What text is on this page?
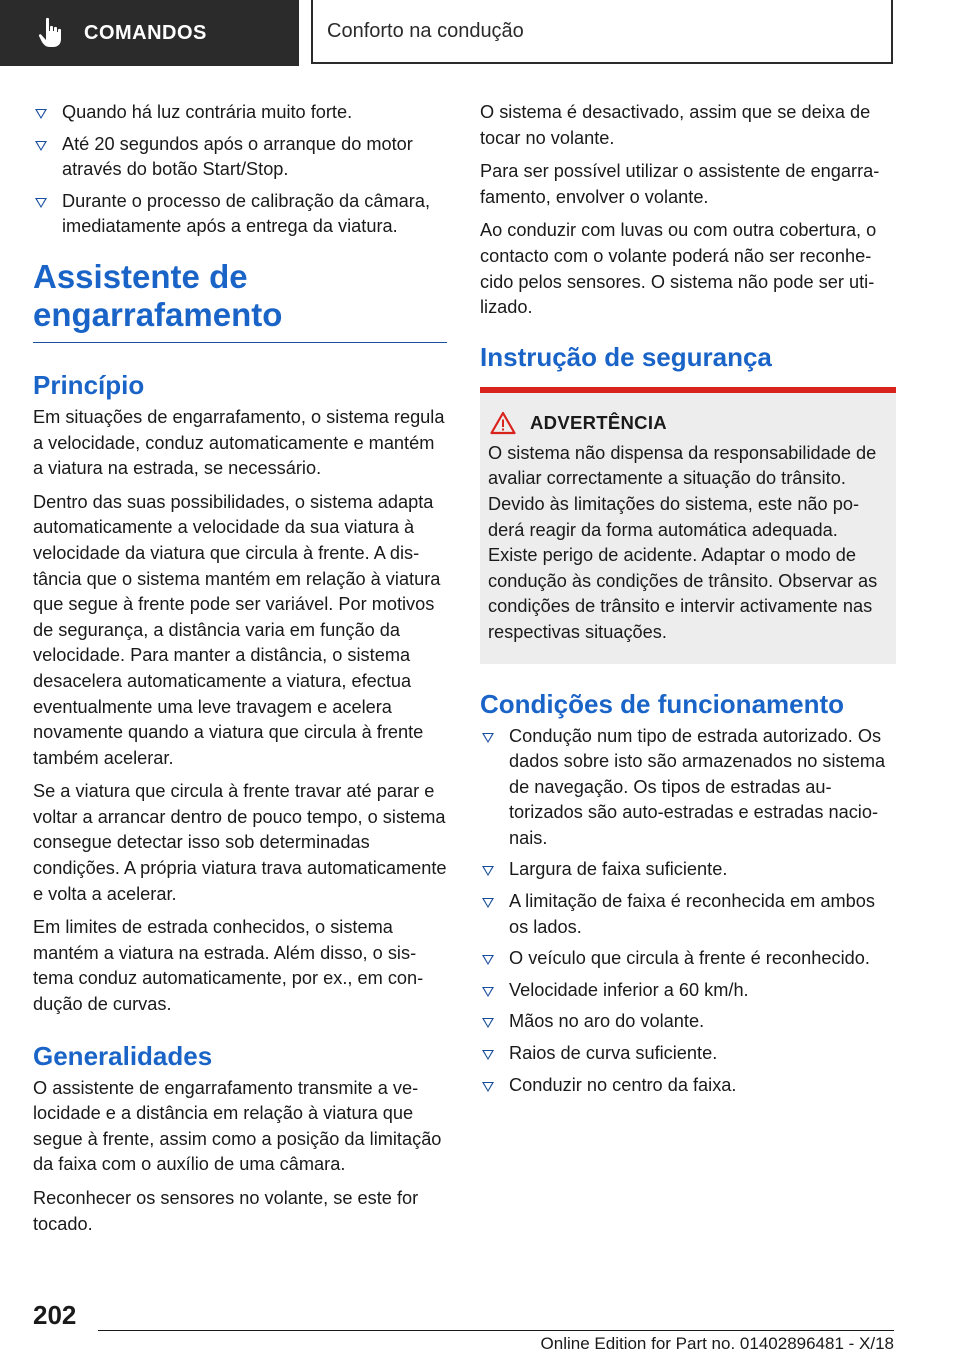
COMANDOS	Conforto na condução
Quando há luz contrária muito forte.
Até 20 segundos após o arranque do motor através do botão Start/Stop.
Durante o processo de calibração da câmara, imediatamente após a entrega da viatura.
Assistente de
engarrafamento
Princípio

Em situações de engarrafamento, o sistema regula a velocidade, conduz automaticamente e mantém a viatura na estrada, se necessário.

Dentro das suas possibilidades, o sistema adapta automaticamente a velocidade da sua viatura à velocidade da viatura que circula à frente. A distância que o sistema mantém em relação à viatura que segue à frente pode ser variável. Por motivos de segurança, a distância varia em função da velocidade. Para manter a distância, o sistema desacelera automaticamente a viatura, efectua eventualmente uma leve travagem e acelera novamente quando a viatura que circula à frente também acelerar.

Se a viatura que circula à frente travar até parar e voltar a arrancar dentro de pouco tempo, o sistema consegue detectar isso sob determinadas condições. A própria viatura trava automaticamente e volta a acelerar.

Em limites de estrada conhecidos, o sistema mantém a viatura na estrada. Além disso, o sistema conduz automaticamente, por ex., em condução de curvas.

Generalidades

O assistente de engarrafamento transmite a velocidade e a distância em relação à viatura que segue à frente, assim como a posição da limitação da faixa com o auxílio de uma câmara.

Reconhecer os sensores no volante, se este for tocado.

O sistema é desactivado, assim que se deixa de tocar no volante.

Para ser possível utilizar o assistente de engarrafamento, envolver o volante.

Ao conduzir com luvas ou com outra cobertura, o contacto com o volante poderá não ser reconhecido pelos sensores. O sistema não pode ser utilizado.

Instrução de segurança
ADVERTÊNCIA

O sistema não dispensa da responsabilidade de avaliar correctamente a situação do trânsito. Devido às limitações do sistema, este não poderá reagir da forma automática adequada. Existe perigo de acidente. Adaptar o modo de condução às condições de trânsito. Observar as condições de trânsito e intervir activamente nas respectivas situações.

Condições de funcionamento
Condução num tipo de estrada autorizado. Os dados sobre isto são armazenados no sistema de navegação. Os tipos de estradas autorizados são auto-estradas e estradas nacionais.
Largura de faixa suficiente.
A limitação de faixa é reconhecida em ambos os lados.
O veículo que circula à frente é reconhecido.
Velocidade inferior a 60 km/h.
Mãos no aro do volante.
Raios de curva suficiente.
Conduzir no centro da faixa.
202
Online Edition for Part no. 01402896481 - X/18
